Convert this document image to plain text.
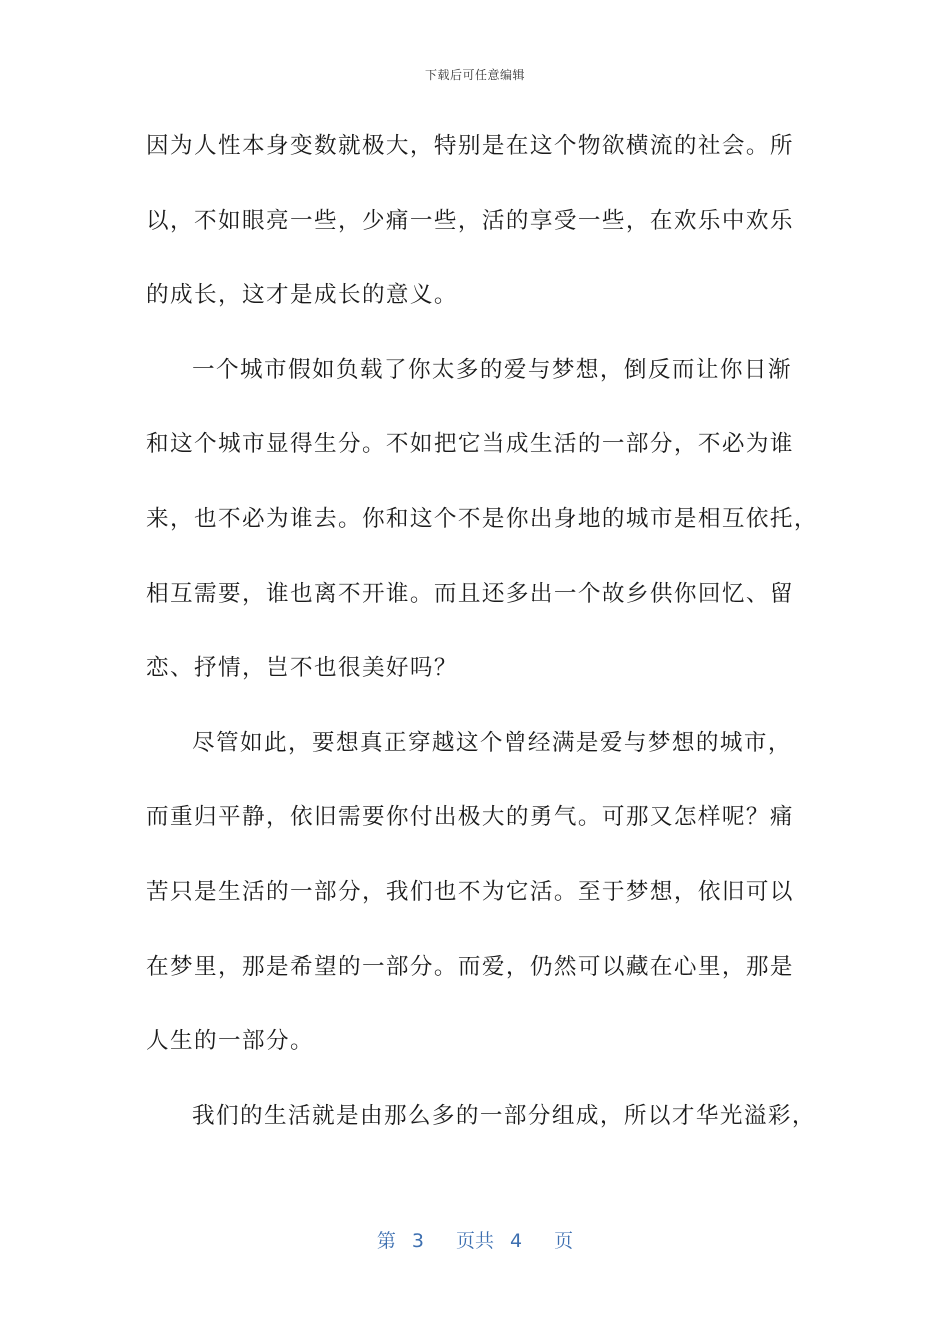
下载后可任意编辑
因为人性本身变数就极大，特别是在这个物欲横流的社会。所
以，不如眼亮一些，少痛一些，活的享受一些，在欢乐中欢乐
的成长，这才是成长的意义。
一个城市假如负载了你太多的爱与梦想，倒反而让你日渐
和这个城市显得生分。不如把它当成生活的一部分，不必为谁
来，也不必为谁去。你和这个不是你出身地的城市是相互依托，
相互需要，谁也离不开谁。而且还多出一个故乡供你回忆、留
恋、抒情，岂不也很美好吗？
尽管如此，要想真正穿越这个曾经满是爱与梦想的城市，
而重归平静，依旧需要你付出极大的勇气。可那又怎样呢？痛
苦只是生活的一部分，我们也不为它活。至于梦想，依旧可以
在梦里，那是希望的一部分。而爱，仍然可以藏在心里，那是
人生的一部分。
我们的生活就是由那么多的一部分组成，所以才华光溢彩，
第 3 页共 4 页
